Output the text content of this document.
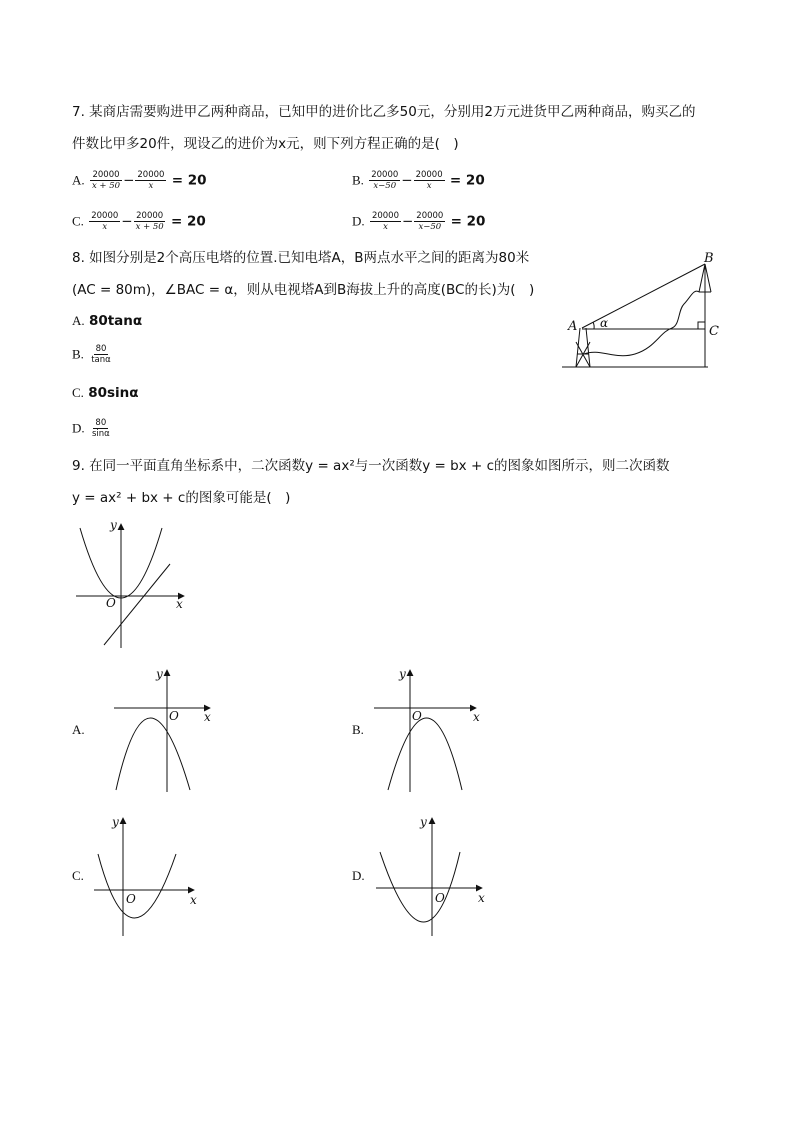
7. 某商店需要购进甲乙两种商品，已知甲的进价比乙多50元，分别用2万元进货甲乙两种商品，购买乙的
件数比甲多20件，现设乙的进价为x元，则下列方程正确的是(　)
A. $\frac{20000}{x + 50} - \frac{20000}{x} = 20$	B. $\frac{20000}{x-50} - \frac{20000}{x} = 20$
C. $\frac{20000}{x} - \frac{20000}{x + 50} = 20$	D. $\frac{20000}{x} - \frac{20000}{x-50} = 20$
8. 如图分别是2个高压电塔的位置.已知电塔A，B两点水平之间的距离为80米
(AC = 80m)，∠BAC = α，则从电视塔A到B海拔上升的高度(BC的长)为(　)
A. 80tanα
B. $\frac{80}{\tan\alpha}$
C. 80sinα
D. $\frac{80}{\sin\alpha}$
A
B
C
α
9. 在同一平面直角坐标系中，二次函数y = ax²与一次函数y = bx + c的图象如图所示，则二次函数
y = ax² + bx + c的图象可能是(　)
y
x
O
A.
y
x
O
B.
y
x
O
C.
y
x
O
D.
y
x
O
